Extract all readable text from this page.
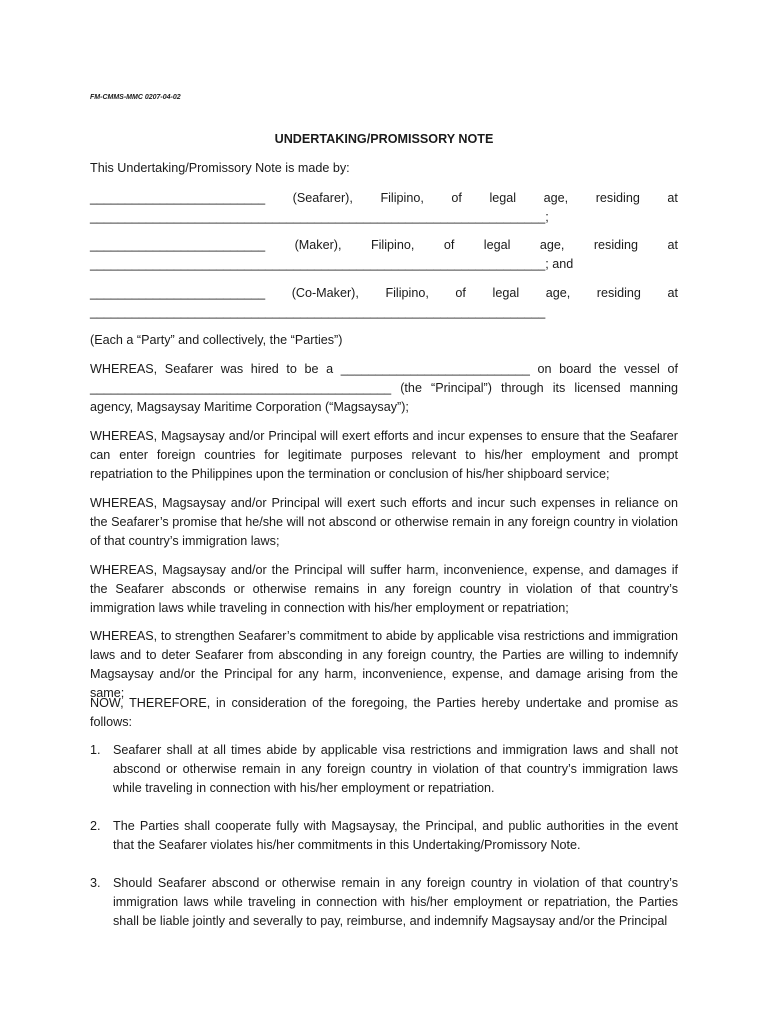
FM-CMMS-MMC 0207-04-02
UNDERTAKING/PROMISSORY NOTE
This Undertaking/Promissory Note is made by:
_________________________ (Seafarer), Filipino, of legal age, residing at
_________________________________________________________________;
_________________________ (Maker), Filipino, of legal age, residing at
_________________________________________________________________; and
_________________________ (Co-Maker), Filipino, of legal age, residing at
_________________________________________________________________
(Each a “Party” and collectively, the “Parties”)
WHEREAS, Seafarer was hired to be a ___________________________ on board the vessel of ___________________________________________ (the “Principal”) through its licensed manning agency, Magsaysay Maritime Corporation (“Magsaysay”);
WHEREAS, Magsaysay and/or Principal will exert efforts and incur expenses to ensure that the Seafarer can enter foreign countries for legitimate purposes relevant to his/her employment and prompt repatriation to the Philippines upon the termination or conclusion of his/her shipboard service;
WHEREAS, Magsaysay and/or Principal will exert such efforts and incur such expenses in reliance on the Seafarer’s promise that he/she will not abscond or otherwise remain in any foreign country in violation of that country’s immigration laws;
WHEREAS, Magsaysay and/or the Principal will suffer harm, inconvenience, expense, and damages if the Seafarer absconds or otherwise remains in any foreign country in violation of that country’s immigration laws while traveling in connection with his/her employment or repatriation;
WHEREAS, to strengthen Seafarer’s commitment to abide by applicable visa restrictions and immigration laws and to deter Seafarer from absconding in any foreign country, the Parties are willing to indemnify Magsaysay and/or the Principal for any harm, inconvenience, expense, and damage arising from the same;
NOW, THEREFORE, in consideration of the foregoing, the Parties hereby undertake and promise as follows:
1. Seafarer shall at all times abide by applicable visa restrictions and immigration laws and shall not abscond or otherwise remain in any foreign country in violation of that country’s immigration laws while traveling in connection with his/her employment or repatriation.
2. The Parties shall cooperate fully with Magsaysay, the Principal, and public authorities in the event that the Seafarer violates his/her commitments in this Undertaking/Promissory Note.
3. Should Seafarer abscond or otherwise remain in any foreign country in violation of that country’s immigration laws while traveling in connection with his/her employment or repatriation, the Parties shall be liable jointly and severally to pay, reimburse, and indemnify Magsaysay and/or the Principal
